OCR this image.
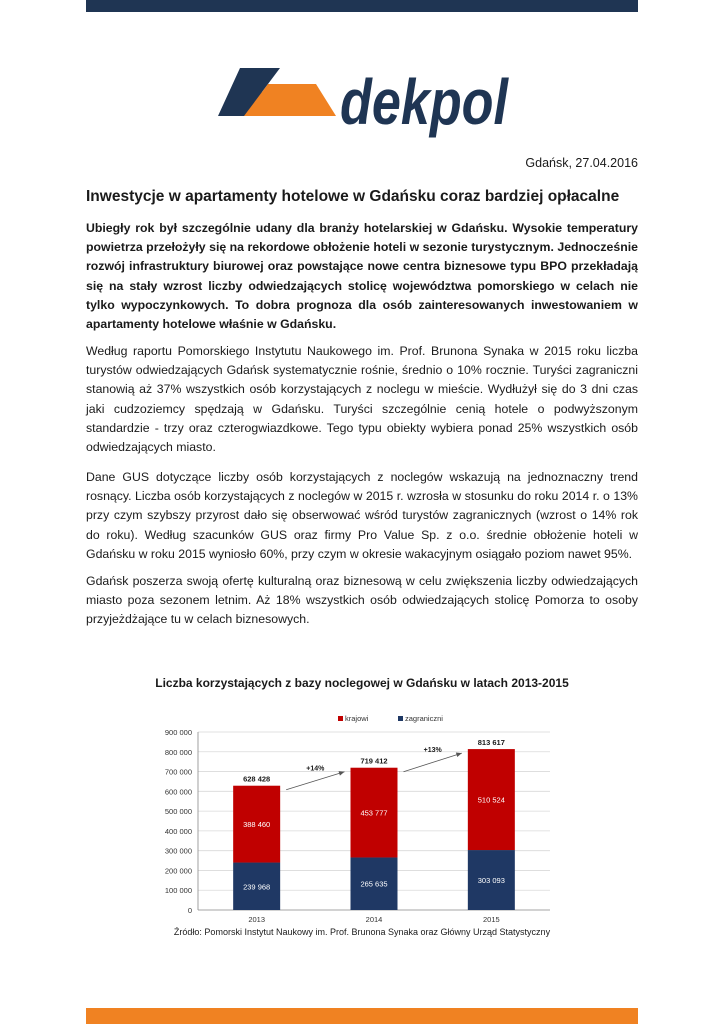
dekpol
Gdańsk, 27.04.2016
Inwestycje w apartamenty hotelowe w Gdańsku coraz bardziej opłacalne

Ubiegły rok był szczególnie udany dla branży hotelarskiej w Gdańsku. Wysokie temperatury powietrza przełożyły się na rekordowe obłożenie hoteli w sezonie turystycznym. Jednocześnie rozwój infrastruktury biurowej oraz powstające nowe centra biznesowe typu BPO przekładają się na stały wzrost liczby odwiedzających stolicę województwa pomorskiego w celach nie tylko wypoczynkowych. To dobra prognoza dla osób zainteresowanych inwestowaniem w apartamenty hotelowe właśnie w Gdańsku.

Według raportu Pomorskiego Instytutu Naukowego im. Prof. Brunona Synaka w 2015 roku liczba turystów odwiedzających Gdańsk systematycznie rośnie, średnio o 10% rocznie. Turyści zagraniczni stanowią aż 37% wszystkich osób korzystających z noclegu w mieście. Wydłużył się do 3 dni czas jaki cudzoziemcy spędzają w Gdańsku. Turyści szczególnie cenią hotele o podwyższonym standardzie - trzy oraz czterogwiazdkowe. Tego typu obiekty wybiera ponad 25% wszystkich osób odwiedzających miasto.

Dane GUS dotyczące liczby osób korzystających z noclegów wskazują na jednoznaczny trend rosnący. Liczba osób korzystających z noclegów w 2015 r. wzrosła w stosunku do roku 2014 r. o 13% przy czym szybszy przyrost dało się obserwować wśród turystów zagranicznych (wzrost o 14% rok do roku). Według szacunków GUS oraz firmy Pro Value Sp. z o.o. średnie obłożenie hoteli w Gdańsku w roku 2015 wyniosło 60%, przy czym w okresie wakacyjnym osiągało poziom nawet 95%.

Gdańsk poszerza swoją ofertę kulturalną oraz biznesową w celu zwiększenia liczby odwiedzających miasto poza sezonem letnim. Aż 18% wszystkich osób odwiedzających stolicę Pomorza to osoby przyjeżdżające tu w celach biznesowych.

Liczba korzystających z bazy noclegowej w Gdańsku w latach 2013-2015

krajowi	zagraniczni
0
100 000
200 000
300 000
400 000
500 000
600 000
700 000
800 000
900 000
239 968
388 460
628 428
2013
265 635
453 777
719 412
2014
303 093
510 524
813 617
2015
+14%
+13%
Źródło: Pomorski Instytut Naukowy im. Prof. Brunona Synaka oraz Główny Urząd Statystyczny
